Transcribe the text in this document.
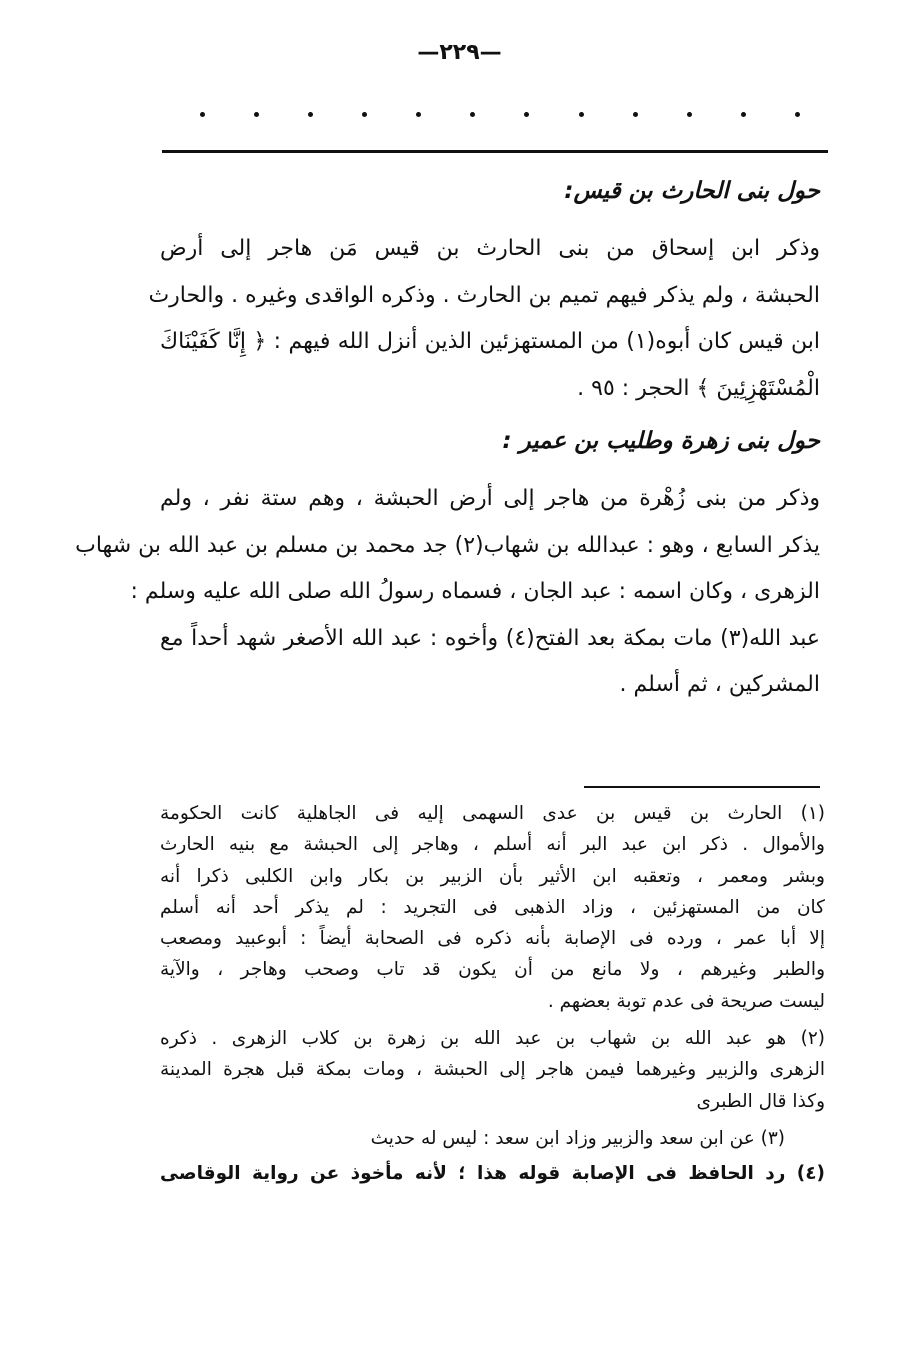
—٢٢٩—
حول بنى الحارث بن قيس:
وذكر ابن إسحاق من بنى الحارث بن قيس مَن هاجر إلى أرض
الحبشة ، ولم يذكر فيهم تميم بن الحارث . وذكره الواقدى وغيره . والحارث
ابن قيس كان أبوه(١) من المستهزئين الذين أنزل الله فيهم : ﴿ إِنَّا كَفَيْنَاكَ
الْمُسْتَهْزِئِينَ ﴾ الحجر : ٩٥ .
حول بنى زهرة وطليب بن عمير :
وذكر من بنى زُهْرة من هاجر إلى أرض الحبشة ، وهم ستة نفر ، ولم
يذكر السابع ، وهو : عبدالله بن شهاب(٢) جد محمد بن مسلم بن عبد الله بن شهاب
الزهرى ، وكان اسمه : عبد الجان ، فسماه رسولُ الله صلى الله عليه وسلم :
عبد الله(٣) مات بمكة بعد الفتح(٤) وأخوه : عبد الله الأصغر شهد أحداً مع
المشركين ، ثم أسلم .
(١) الحارث بن قيس بن عدى السهمى إليه فى الجاهلية كانت الحكومة
والأموال . ذكر ابن عبد البر أنه أسلم ، وهاجر إلى الحبشة مع بنيه الحارث
وبشر ومعمر ، وتعقبه ابن الأثير بأن الزبير بن بكار وابن الكلبى ذكرا أنه
كان من المستهزئين ، وزاد الذهبى فى التجريد : لم يذكر أحد أنه أسلم
إلا أبا عمر ، ورده فى الإصابة بأنه ذكره فى الصحابة أيضاً : أبوعبيد ومصعب
والطبر وغيرهم ، ولا مانع من أن يكون قد تاب وصحب وهاجر ، والآية
ليست صريحة فى عدم توبة بعضهم .
(٢) هو عبد الله بن شهاب بن عبد الله بن زهرة بن كلاب الزهرى . ذكره
الزهرى والزبير وغيرهما فيمن هاجر إلى الحبشة ، ومات بمكة قبل هجرة المدينة
وكذا قال الطبرى
(٣) عن ابن سعد والزبير وزاد ابن سعد : ليس له حديث
(٤) رد الحافظ فى الإصابة قوله هذا ؛ لأنه مأخوذ عن رواية الوقاصى
